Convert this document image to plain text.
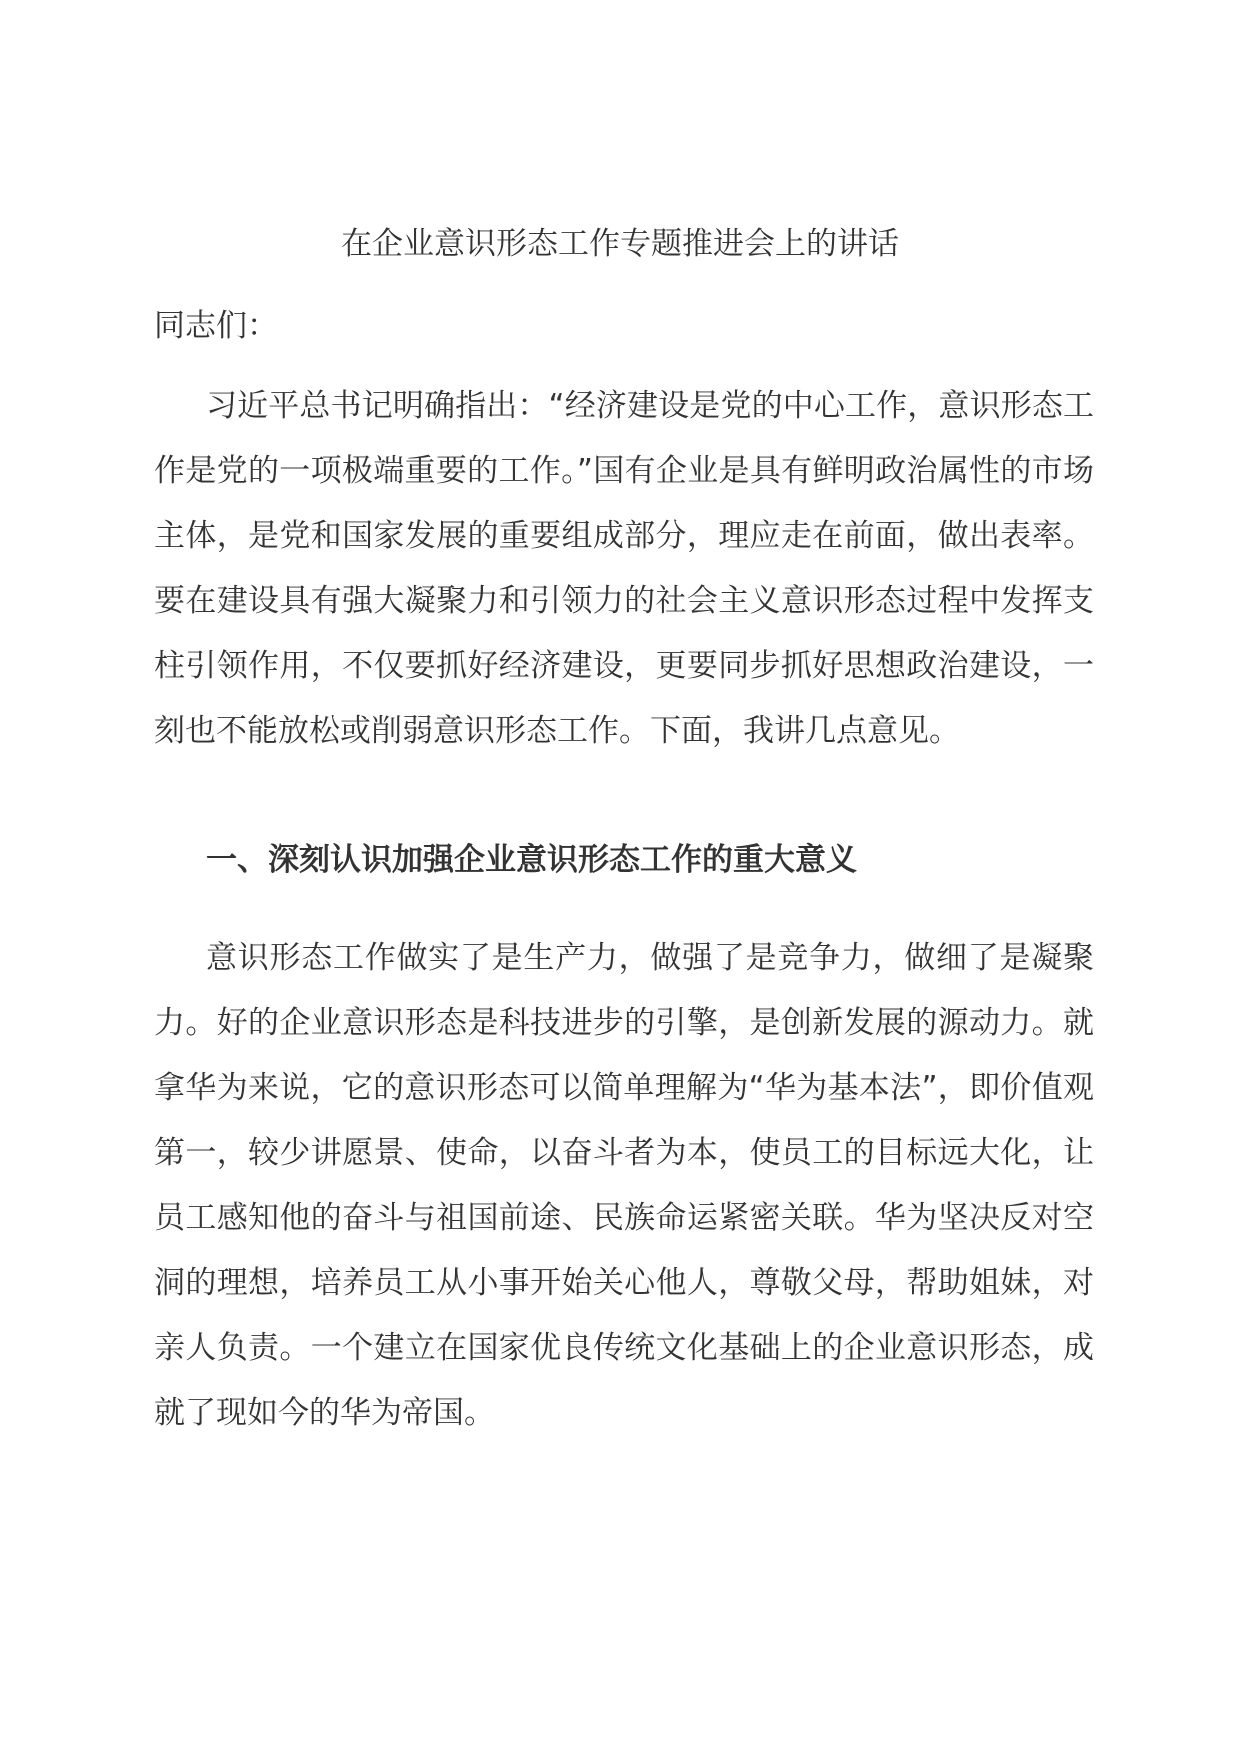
在企业意识形态工作专题推进会上的讲话

同志们：

习近平总书记明确指出：“经济建设是党的中心工作，意识形态工作是党的一项极端重要的工作。”国有企业是具有鲜明政治属性的市场主体，是党和国家发展的重要组成部分，理应走在前面，做出表率。要在建设具有强大凝聚力和引领力的社会主义意识形态过程中发挥支柱引领作用，不仅要抓好经济建设，更要同步抓好思想政治建设，一刻也不能放松或削弱意识形态工作。下面，我讲几点意见。

一、深刻认识加强企业意识形态工作的重大意义

意识形态工作做实了是生产力，做强了是竞争力，做细了是凝聚力。好的企业意识形态是科技进步的引擎，是创新发展的源动力。就拿华为来说，它的意识形态可以简单理解为“华为基本法”，即价值观第一，较少讲愿景、使命，以奋斗者为本，使员工的目标远大化，让员工感知他的奋斗与祖国前途、民族命运紧密关联。华为坚决反对空洞的理想，培养员工从小事开始关心他人，尊敬父母，帮助姐妹，对亲人负责。一个建立在国家优良传统文化基础上的企业意识形态，成就了现如今的华为帝国。
